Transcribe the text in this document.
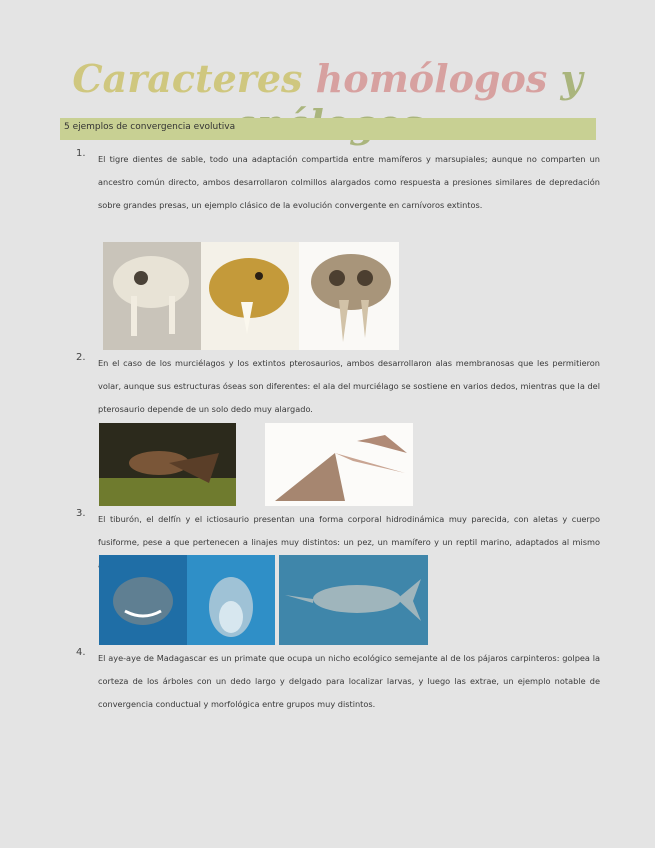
Caracteres homólogos y
5 ejemplos de convergencia evolutiva
1. El tigre dientes de sable, todo una adaptación compartida entre mamíferos y marsupiales; aunque no comparten un ancestro común directo, ambos desarrollaron colmillos alargados como respuesta a presiones similares de depredación sobre grandes presas, un ejemplo clásico de la evolución convergente en carnívoros extintos.
2. En el caso de los murciélagos y los extintos pterosaurios, ambos desarrollaron alas membranosas que les permitieron volar, aunque sus estructuras óseas son diferentes: el ala del murciélago se sostiene en varios dedos, mientras que la del pterosaurio depende de un solo dedo muy alargado.
3. El tiburón, el delfín y el ictiosaurio presentan una forma corporal hidrodinámica muy parecida, con aletas y cuerpo fusiforme, pese a que pertenecen a linajes muy distintos: un pez, un mamífero y un reptil marino, adaptados al mismo
4. El aye-aye de Madagascar es un primate que ocupa un nicho ecológico semejante al de los pájaros carpinteros: golpea la corteza de los árboles con un dedo largo y delgado para localizar larvas, y luego las extrae, un ejemplo notable de convergencia conductual y morfológica entre grupos muy distintos.
